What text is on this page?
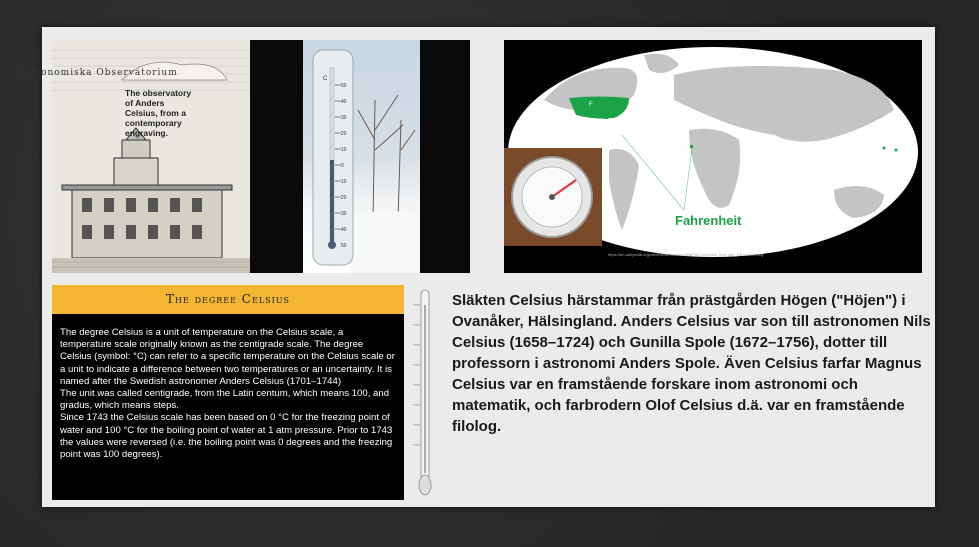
Astronomiska Observatorium
The observatory of Anders Celsius, from a contemporary engraving.
C
50
40
30
20
10
0
10
20
30
40
50
F
Fahrenheit
https://en.wikipedia.org/wiki/Fahrenheit#/media/File:Countries_that_use_Fahrenheit.svg
The degree Celsius

The degree Celsius is a unit of temperature on the Celsius scale, a temperature scale originally known as the centigrade scale. The degree Celsius (symbol: °C) can refer to a specific temperature on the Celsius scale or a unit to indicate a difference between two temperatures or an uncertainty. It is named after the Swedish astronomer Anders Celsius (1701–1744)

The unit was called centigrade, from the Latin centum, which means 100, and gradus, which means steps.

Since 1743 the Celsius scale has been based on 0 °C for the freezing point of water and 100 °C for the boiling point of water at 1 atm pressure. Prior to 1743 the values were reversed (i.e. the boiling point was 0 degrees and the freezing point was 100 degrees).

Släkten Celsius härstammar från prästgården Högen ("Höjen") i Ovanåker, Hälsingland. Anders Celsius var son till astronomen Nils Celsius (1658–1724) och Gunilla Spole (1672–1756), dotter till professorn i astronomi Anders Spole. Även Celsius farfar Magnus Celsius var en framstående forskare inom astronomi och matematik, och farbrodern Olof Celsius d.ä. var en framstående filolog.
